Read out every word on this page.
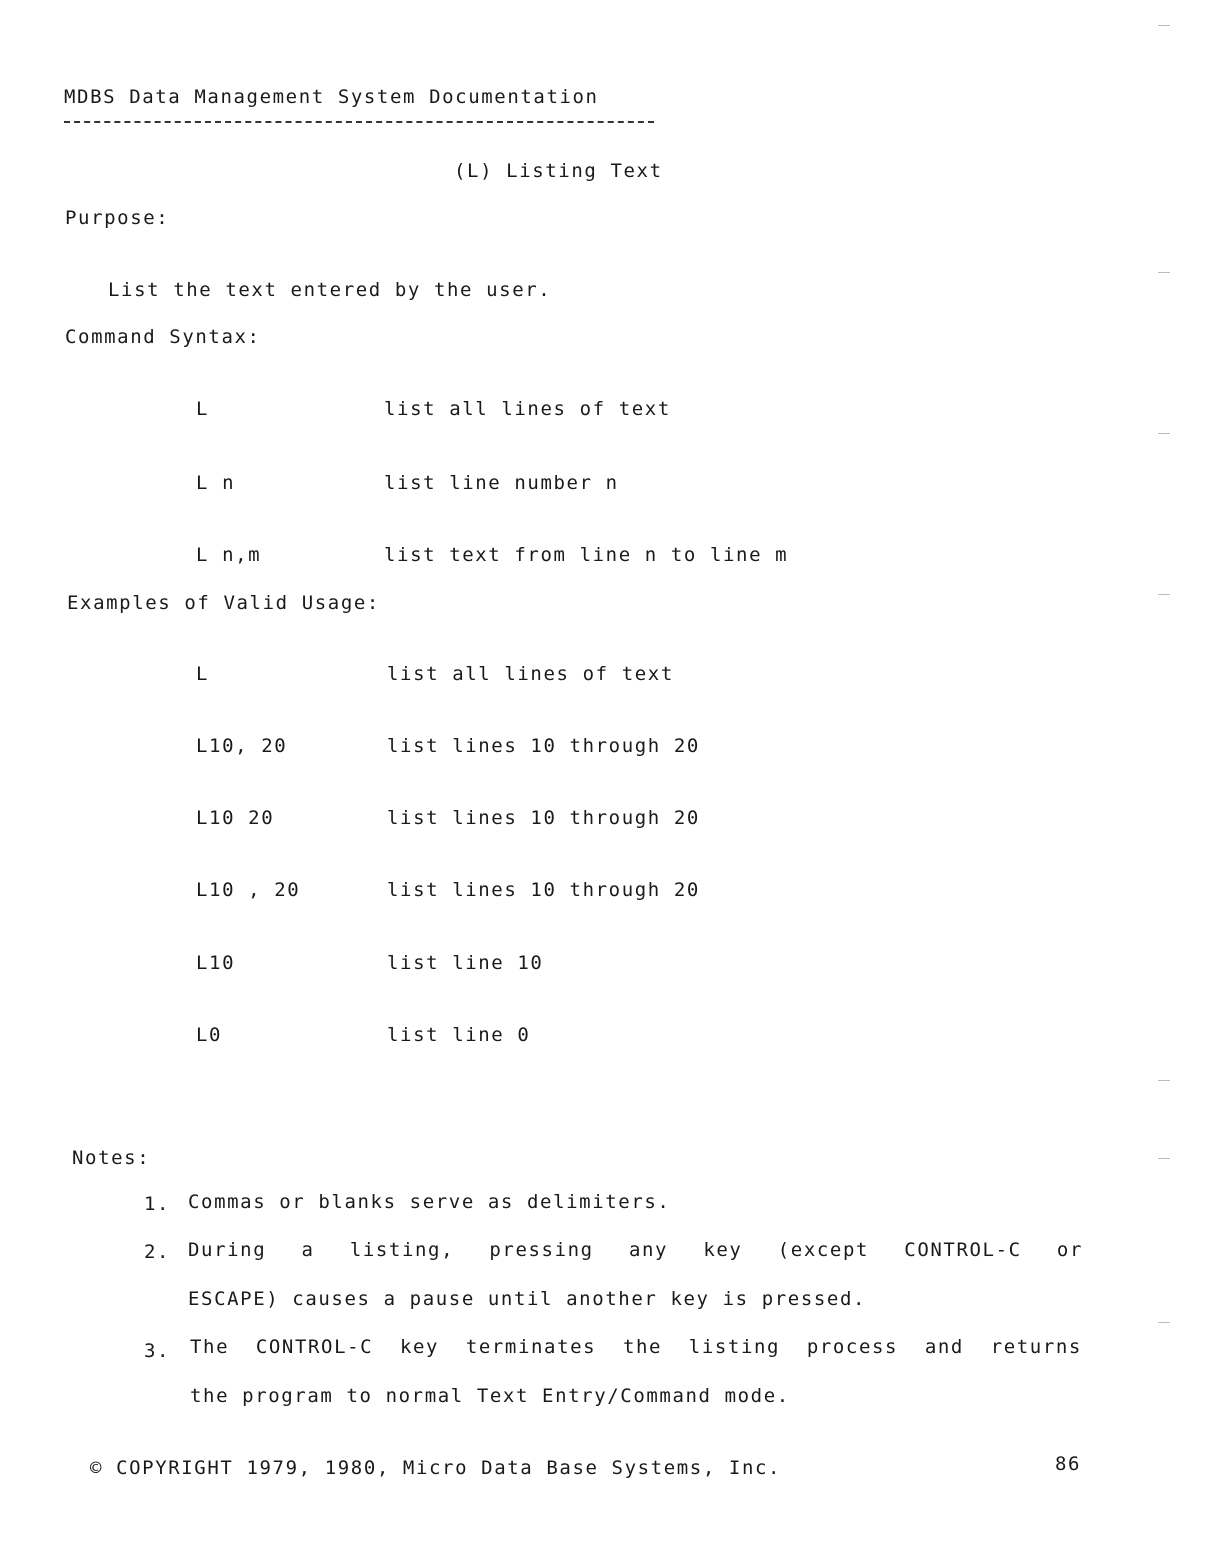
MDBS Data Management System Documentation
(L) Listing Text
Purpose:
List the text entered by the user.
Command Syntax:
L	list all lines of text
L n	list line number n
L n,m	list text from line n to line m
Examples of Valid Usage:
L	list all lines of text
L10, 20	list lines 10 through 20
L10 20	list lines 10 through 20
L10 , 20	list lines 10 through 20
L10	list line 10
L0	list line 0
Notes:
1. Commas or blanks serve as delimiters.
2. During a listing, pressing any key (except CONTROL-C or
ESCAPE) causes a pause until another key is pressed.
3. The CONTROL-C key terminates the listing process and returns
the program to normal Text Entry/Command mode.
© COPYRIGHT 1979, 1980, Micro Data Base Systems, Inc.	86
